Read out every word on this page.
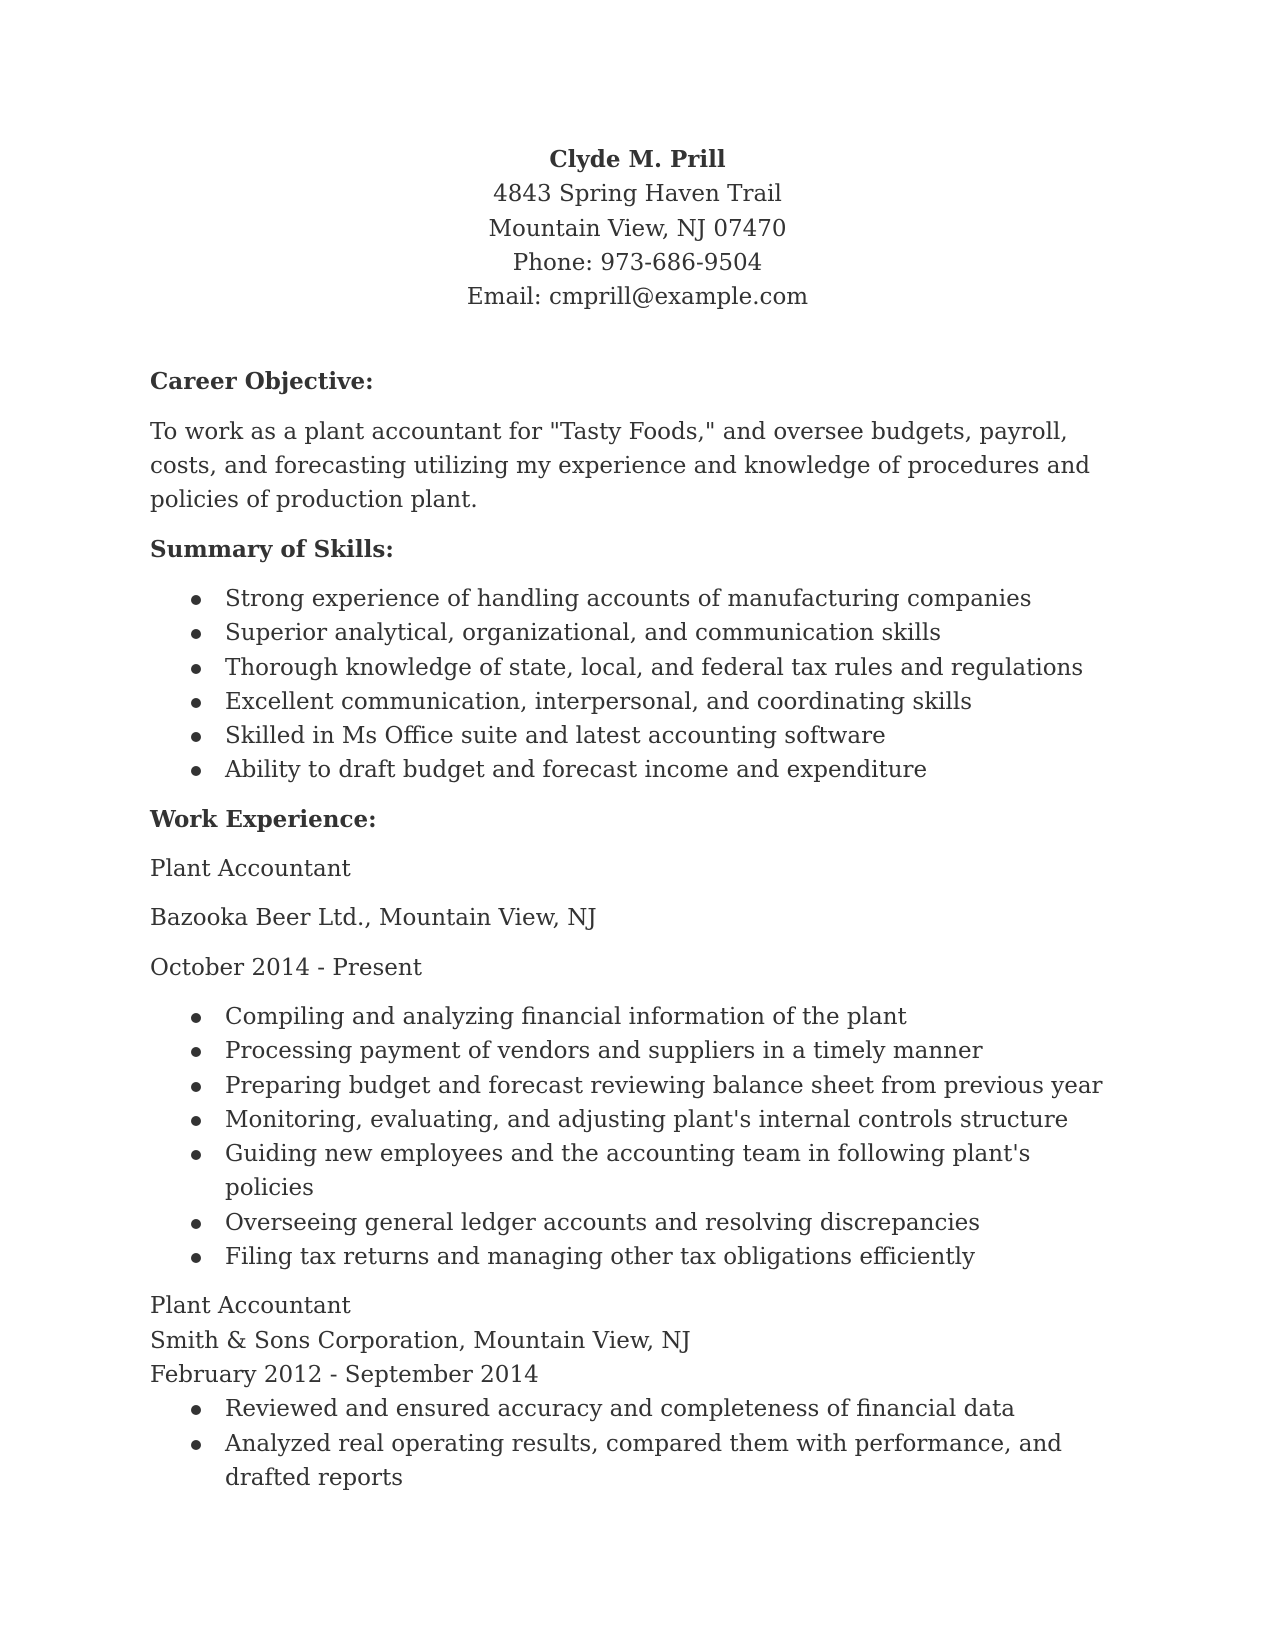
Clyde M. Prill
4843 Spring Haven Trail
Mountain View, NJ 07470
Phone: 973-686-9504
Email: cmprill@example.com
Career Objective:

To work as a plant accountant for "Tasty Foods," and oversee budgets, payroll, costs, and forecasting utilizing my experience and knowledge of procedures and policies of production plant.

Summary of Skills:
Strong experience of handling accounts of manufacturing companies
Superior analytical, organizational, and communication skills
Thorough knowledge of state, local, and federal tax rules and regulations
Excellent communication, interpersonal, and coordinating skills
Skilled in Ms Office suite and latest accounting software
Ability to draft budget and forecast income and expenditure
Work Experience:

Plant Accountant

Bazooka Beer Ltd., Mountain View, NJ

October 2014 - Present

Compiling and analyzing financial information of the plant
Processing payment of vendors and suppliers in a timely manner
Preparing budget and forecast reviewing balance sheet from previous year
Monitoring, evaluating, and adjusting plant's internal controls structure
Guiding new employees and the accounting team in following plant's policies
Overseeing general ledger accounts and resolving discrepancies
Filing tax returns and managing other tax obligations efficiently

Plant Accountant

Smith & Sons Corporation, Mountain View, NJ

February 2012 - September 2014

Reviewed and ensured accuracy and completeness of financial data
Analyzed real operating results, compared them with performance, and drafted reports
